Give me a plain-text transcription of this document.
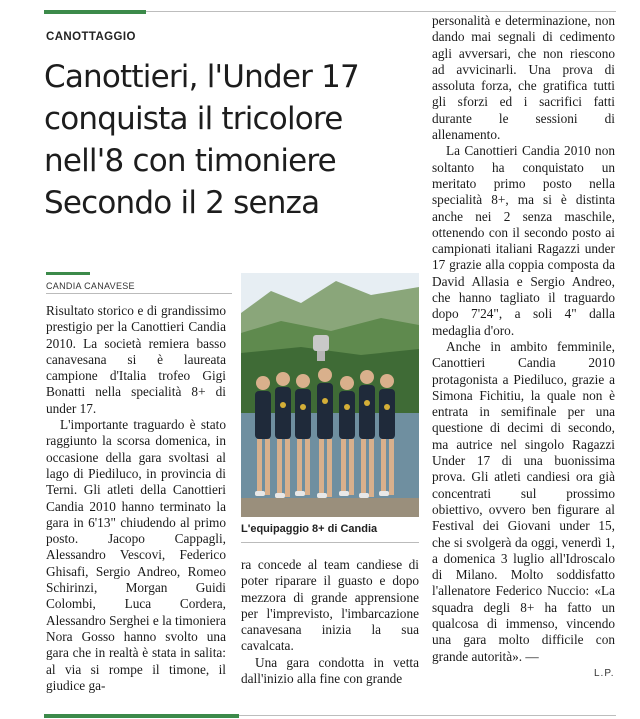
CANOTTAGGIO
Canottieri, l'Under 17
conquista il tricolore
nell'8 con timoniere
Secondo il 2 senza
CANDIA CANAVESE

Risultato storico e di grandissimo prestigio per la Canottieri Candia 2010. La società remiera basso canavesana si è laureata campione d'Italia trofeo Gigi Bonatti nella specialità 8+ di under 17.

L'importante traguardo è stato raggiunto la scorsa domenica, in occasione della gara svoltasi al lago di Piediluco, in provincia di Terni. Gli atleti della Canottieri Candia 2010 hanno terminato la gara in 6'13" chiudendo al primo posto. Jacopo Cappagli, Alessandro Vescovi, Federico Ghisafi, Sergio Andreo, Romeo Schirinzi, Morgan Guidi Colombi, Luca Cordera, Alessandro Serghei e la timoniera Nora Gosso hanno svolto una gara che in realtà è stata in salita: al via si rompe il timone, il giudice ga-

L'equipaggio 8+ di Candia

ra concede al team candiese di poter riparare il guasto e dopo mezzora di grande apprensione per l'imprevisto, l'imbarcazione canavesana inizia la sua cavalcata.

Una gara condotta in vetta dall'inizio alla fine con grande

personalità e determinazione, non dando mai segnali di cedimento agli avversari, che non riescono ad avvicinarli. Una prova di assoluta forza, che gratifica tutti gli sforzi ed i sacrifici fatti durante le sessioni di allenamento.

La Canottieri Candia 2010 non soltanto ha conquistato un meritato primo posto nella specialità 8+, ma si è distinta anche nei 2 senza maschile, ottenendo con il secondo posto ai campionati italiani Ragazzi under 17 grazie alla coppia composta da David Allasia e Sergio Andreo, che hanno tagliato il traguardo dopo 7'24", a soli 4" dalla medaglia d'oro.

Anche in ambito femminile, Canottieri Candia 2010 protagonista a Piediluco, grazie a Simona Fichitiu, la quale non è entrata in semifinale per una questione di decimi di secondo, ma autrice nel singolo Ragazzi Under 17 di una buonissima prova. Gli atleti candiesi ora già concentrati sul prossimo obiettivo, ovvero ben figurare al Festival dei Giovani under 15, che si svolgerà da oggi, venerdì 1, a domenica 3 luglio all'Idroscalo di Milano. Molto soddisfatto l'allenatore Federico Nuccio: «La squadra degli 8+ ha fatto un qualcosa di immenso, vincendo una gara molto difficile con grande autorità». —

L.P.
